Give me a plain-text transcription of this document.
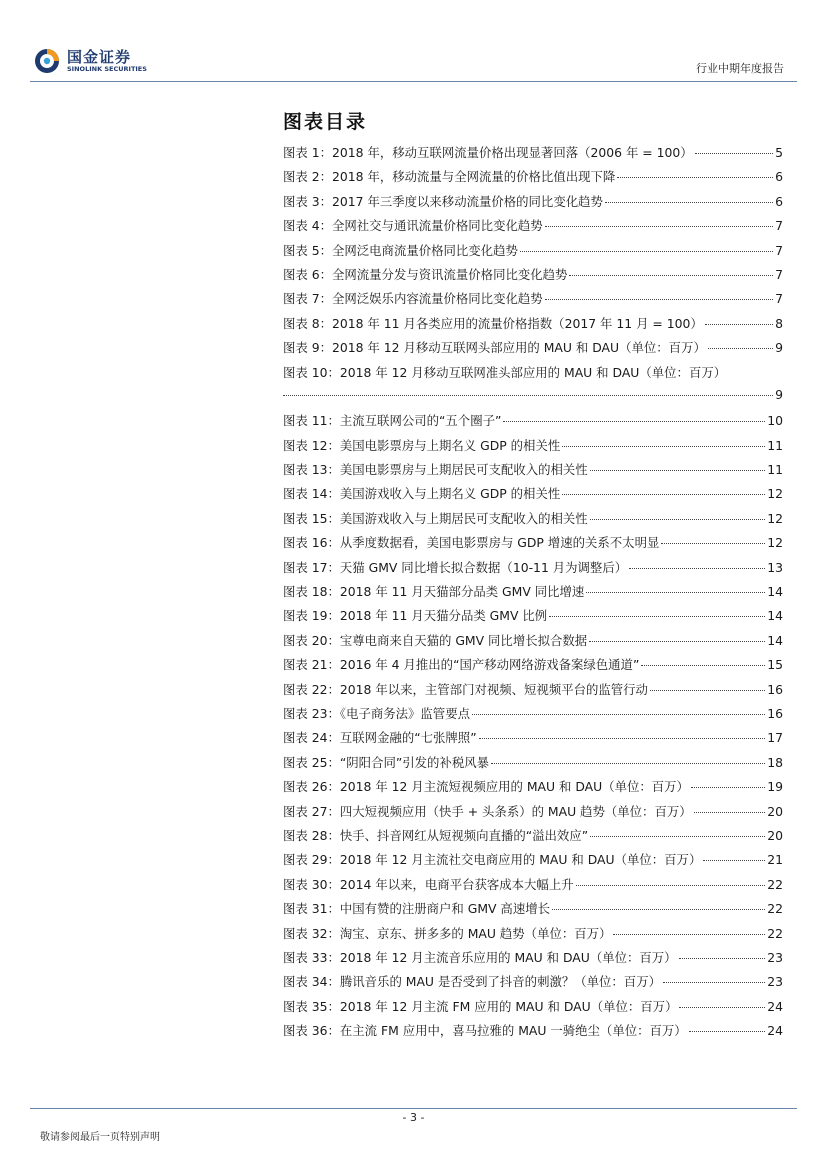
国金证券
SINOLINK SECURITIES	行业中期年度报告
图表目录
图表 1：2018 年，移动互联网流量价格出现显著回落（2006 年 = 100）	5
图表 2：2018 年，移动流量与全网流量的价格比值出现下降	6
图表 3：2017 年三季度以来移动流量价格的同比变化趋势	6
图表 4：全网社交与通讯流量价格同比变化趋势	7
图表 5：全网泛电商流量价格同比变化趋势	7
图表 6：全网流量分发与资讯流量价格同比变化趋势	7
图表 7：全网泛娱乐内容流量价格同比变化趋势	7
图表 8：2018 年 11 月各类应用的流量价格指数（2017 年 11 月 = 100）	8
图表 9：2018 年 12 月移动互联网头部应用的 MAU 和 DAU（单位：百万）	9
图表 10：2018 年 12 月移动互联网准头部应用的 MAU 和 DAU（单位：百万）
9
图表 11：主流互联网公司的“五个圈子”	10
图表 12：美国电影票房与上期名义 GDP 的相关性	11
图表 13：美国电影票房与上期居民可支配收入的相关性	11
图表 14：美国游戏收入与上期名义 GDP 的相关性	12
图表 15：美国游戏收入与上期居民可支配收入的相关性	12
图表 16：从季度数据看，美国电影票房与 GDP 增速的关系不太明显	12
图表 17：天猫 GMV 同比增长拟合数据（10-11 月为调整后）	13
图表 18：2018 年 11 月天猫部分品类 GMV 同比增速	14
图表 19：2018 年 11 月天猫分品类 GMV 比例	14
图表 20：宝尊电商来自天猫的 GMV 同比增长拟合数据	14
图表 21：2016 年 4 月推出的“国产移动网络游戏备案绿色通道”	15
图表 22：2018 年以来，主管部门对视频、短视频平台的监管行动	16
图表 23：《电子商务法》监管要点	16
图表 24：互联网金融的“七张牌照”	17
图表 25：“阴阳合同”引发的补税风暴	18
图表 26：2018 年 12 月主流短视频应用的 MAU 和 DAU（单位：百万）	19
图表 27：四大短视频应用（快手 + 头条系）的 MAU 趋势（单位：百万）	20
图表 28：快手、抖音网红从短视频向直播的“溢出效应”	20
图表 29：2018 年 12 月主流社交电商应用的 MAU 和 DAU（单位：百万）	21
图表 30：2014 年以来，电商平台获客成本大幅上升	22
图表 31：中国有赞的注册商户和 GMV 高速增长	22
图表 32：淘宝、京东、拼多多的 MAU 趋势（单位：百万）	22
图表 33：2018 年 12 月主流音乐应用的 MAU 和 DAU（单位：百万）	23
图表 34：腾讯音乐的 MAU 是否受到了抖音的刺激？（单位：百万）	23
图表 35：2018 年 12 月主流 FM 应用的 MAU 和 DAU（单位：百万）	24
图表 36：在主流 FM 应用中，喜马拉雅的 MAU 一骑绝尘（单位：百万）	24
- 3 -
敬请参阅最后一页特别声明
